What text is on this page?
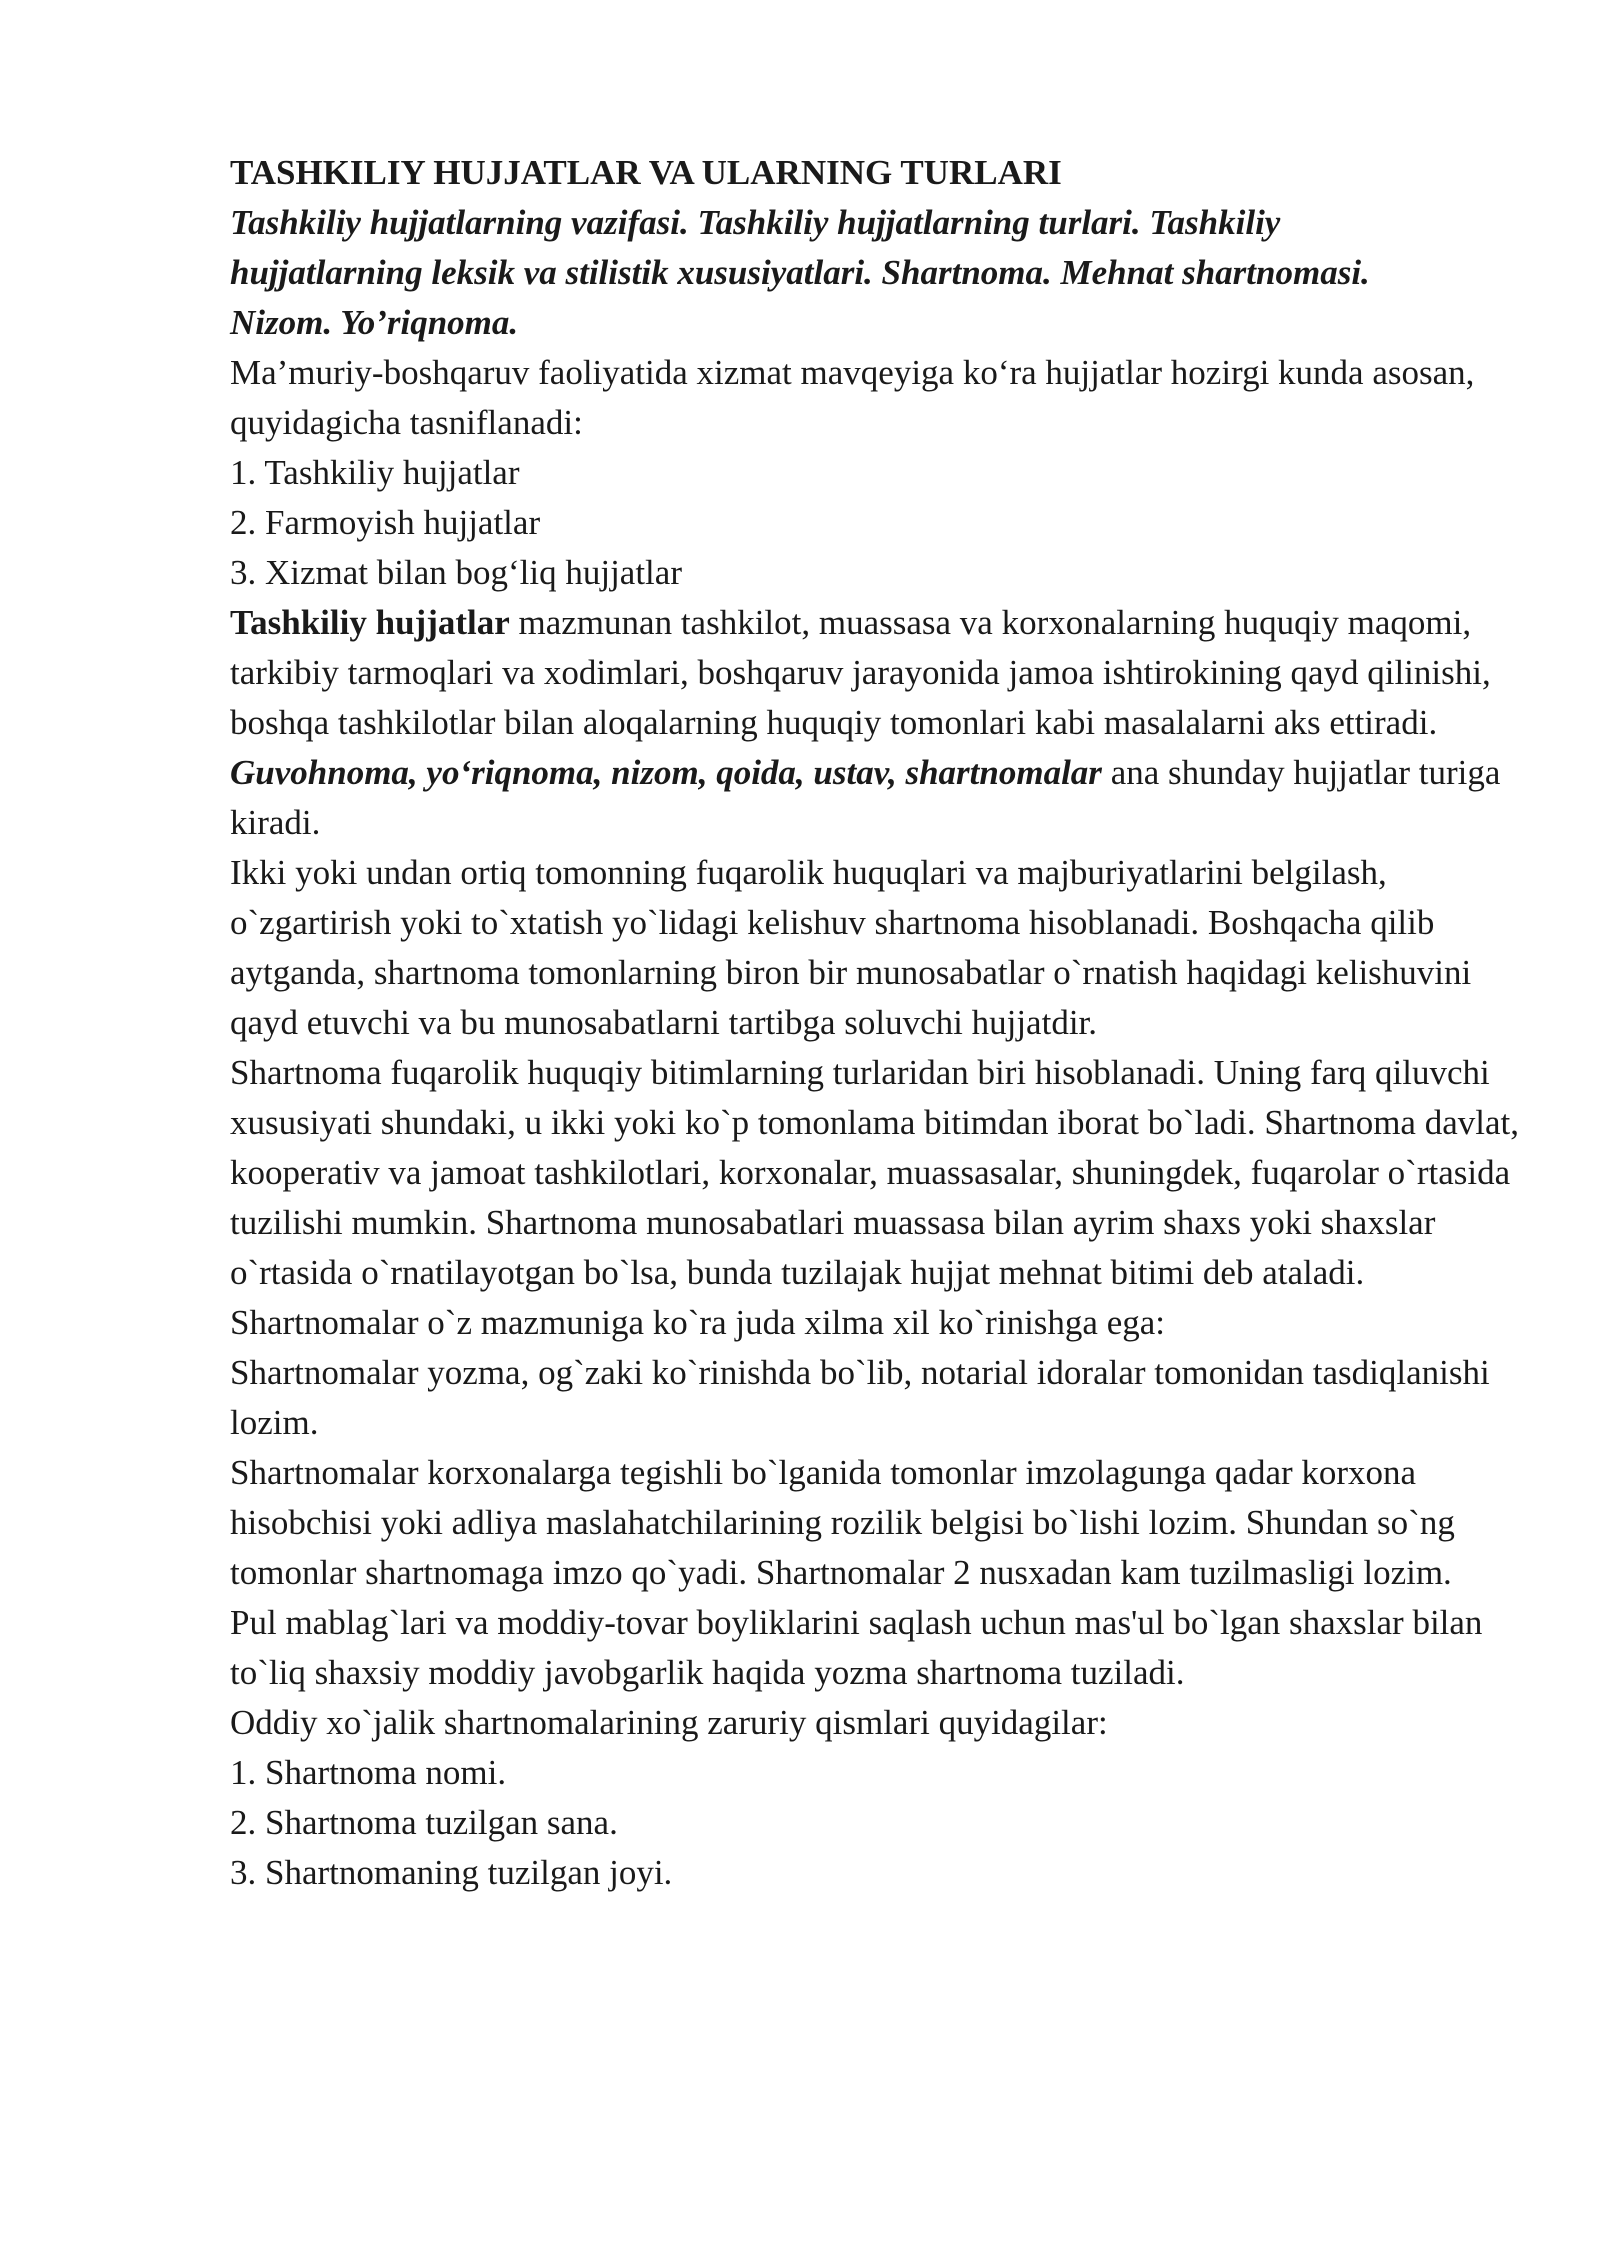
TASHKILIY HUJJATLAR VA ULARNING TURLARI

Tashkiliy hujjatlarning vazifasi. Tashkiliy hujjatlarning turlari. Tashkiliy
hujjatlarning leksik va stilistik xususiyatlari. Shartnoma. Mehnat shartnomasi.
Nizom. Yo’riqnoma.

Ma’muriy-boshqaruv faoliyatida xizmat mavqeyiga ko‘ra hujjatlar hozirgi kunda asosan, quyidagicha tasniflanadi:

1. Tashkiliy hujjatlar

2. Farmoyish hujjatlar

3. Xizmat bilan bog‘liq hujjatlar

Tashkiliy hujjatlar mazmunan tashkilot, muassasa va korxonalarning huquqiy maqomi, tarkibiy tarmoqlari va xodimlari, boshqaruv jarayonida jamoa ishtirokining qayd qilinishi, boshqa tashkilotlar bilan aloqalarning huquqiy tomonlari kabi masalalarni aks ettiradi. Guvohnoma, yo‘riqnoma, nizom, qoida, ustav, shartnomalar ana shunday hujjatlar turiga kiradi.

Ikki yoki undan ortiq tomonning fuqarolik huquqlari va majburiyatlarini belgilash, o`zgartirish yoki to`xtatish yo`lidagi kelishuv shartnoma hisoblanadi. Boshqacha qilib aytganda, shartnoma tomonlarning biron bir munosabatlar o`rnatish haqidagi kelishuvini qayd etuvchi va bu munosabatlarni tartibga soluvchi hujjatdir.

Shartnoma fuqarolik huquqiy bitimlarning turlaridan biri hisoblanadi. Uning farq qiluvchi xususiyati shundaki, u ikki yoki ko`p tomonlama bitimdan iborat bo`ladi. Shartnoma davlat, kooperativ va jamoat tashkilotlari, korxonalar, muassasalar, shuningdek, fuqarolar o`rtasida tuzilishi mumkin. Shartnoma munosabatlari muassasa bilan ayrim shaxs yoki shaxslar o`rtasida o`rnatilayotgan bo`lsa, bunda tuzilajak hujjat mehnat bitimi deb ataladi.

Shartnomalar o`z mazmuniga ko`ra juda xilma xil ko`rinishga ega:

Shartnomalar yozma, og`zaki ko`rinishda bo`lib, notarial idoralar tomonidan tasdiqlanishi lozim.

Shartnomalar korxonalarga tegishli bo`lganida tomonlar imzolagunga qadar korxona hisobchisi yoki adliya maslahatchilarining rozilik belgisi bo`lishi lozim. Shundan so`ng tomonlar shartnomaga imzo qo`yadi. Shartnomalar 2 nusxadan kam tuzilmasligi lozim.

Pul mablag`lari va moddiy-tovar boyliklarini saqlash uchun mas'ul bo`lgan shaxslar bilan to`liq shaxsiy moddiy javobgarlik haqida yozma shartnoma tuziladi.

Oddiy xo`jalik shartnomalarining zaruriy qismlari quyidagilar:

1. Shartnoma nomi.

2. Shartnoma tuzilgan sana.

3. Shartnomaning tuzilgan joyi.
